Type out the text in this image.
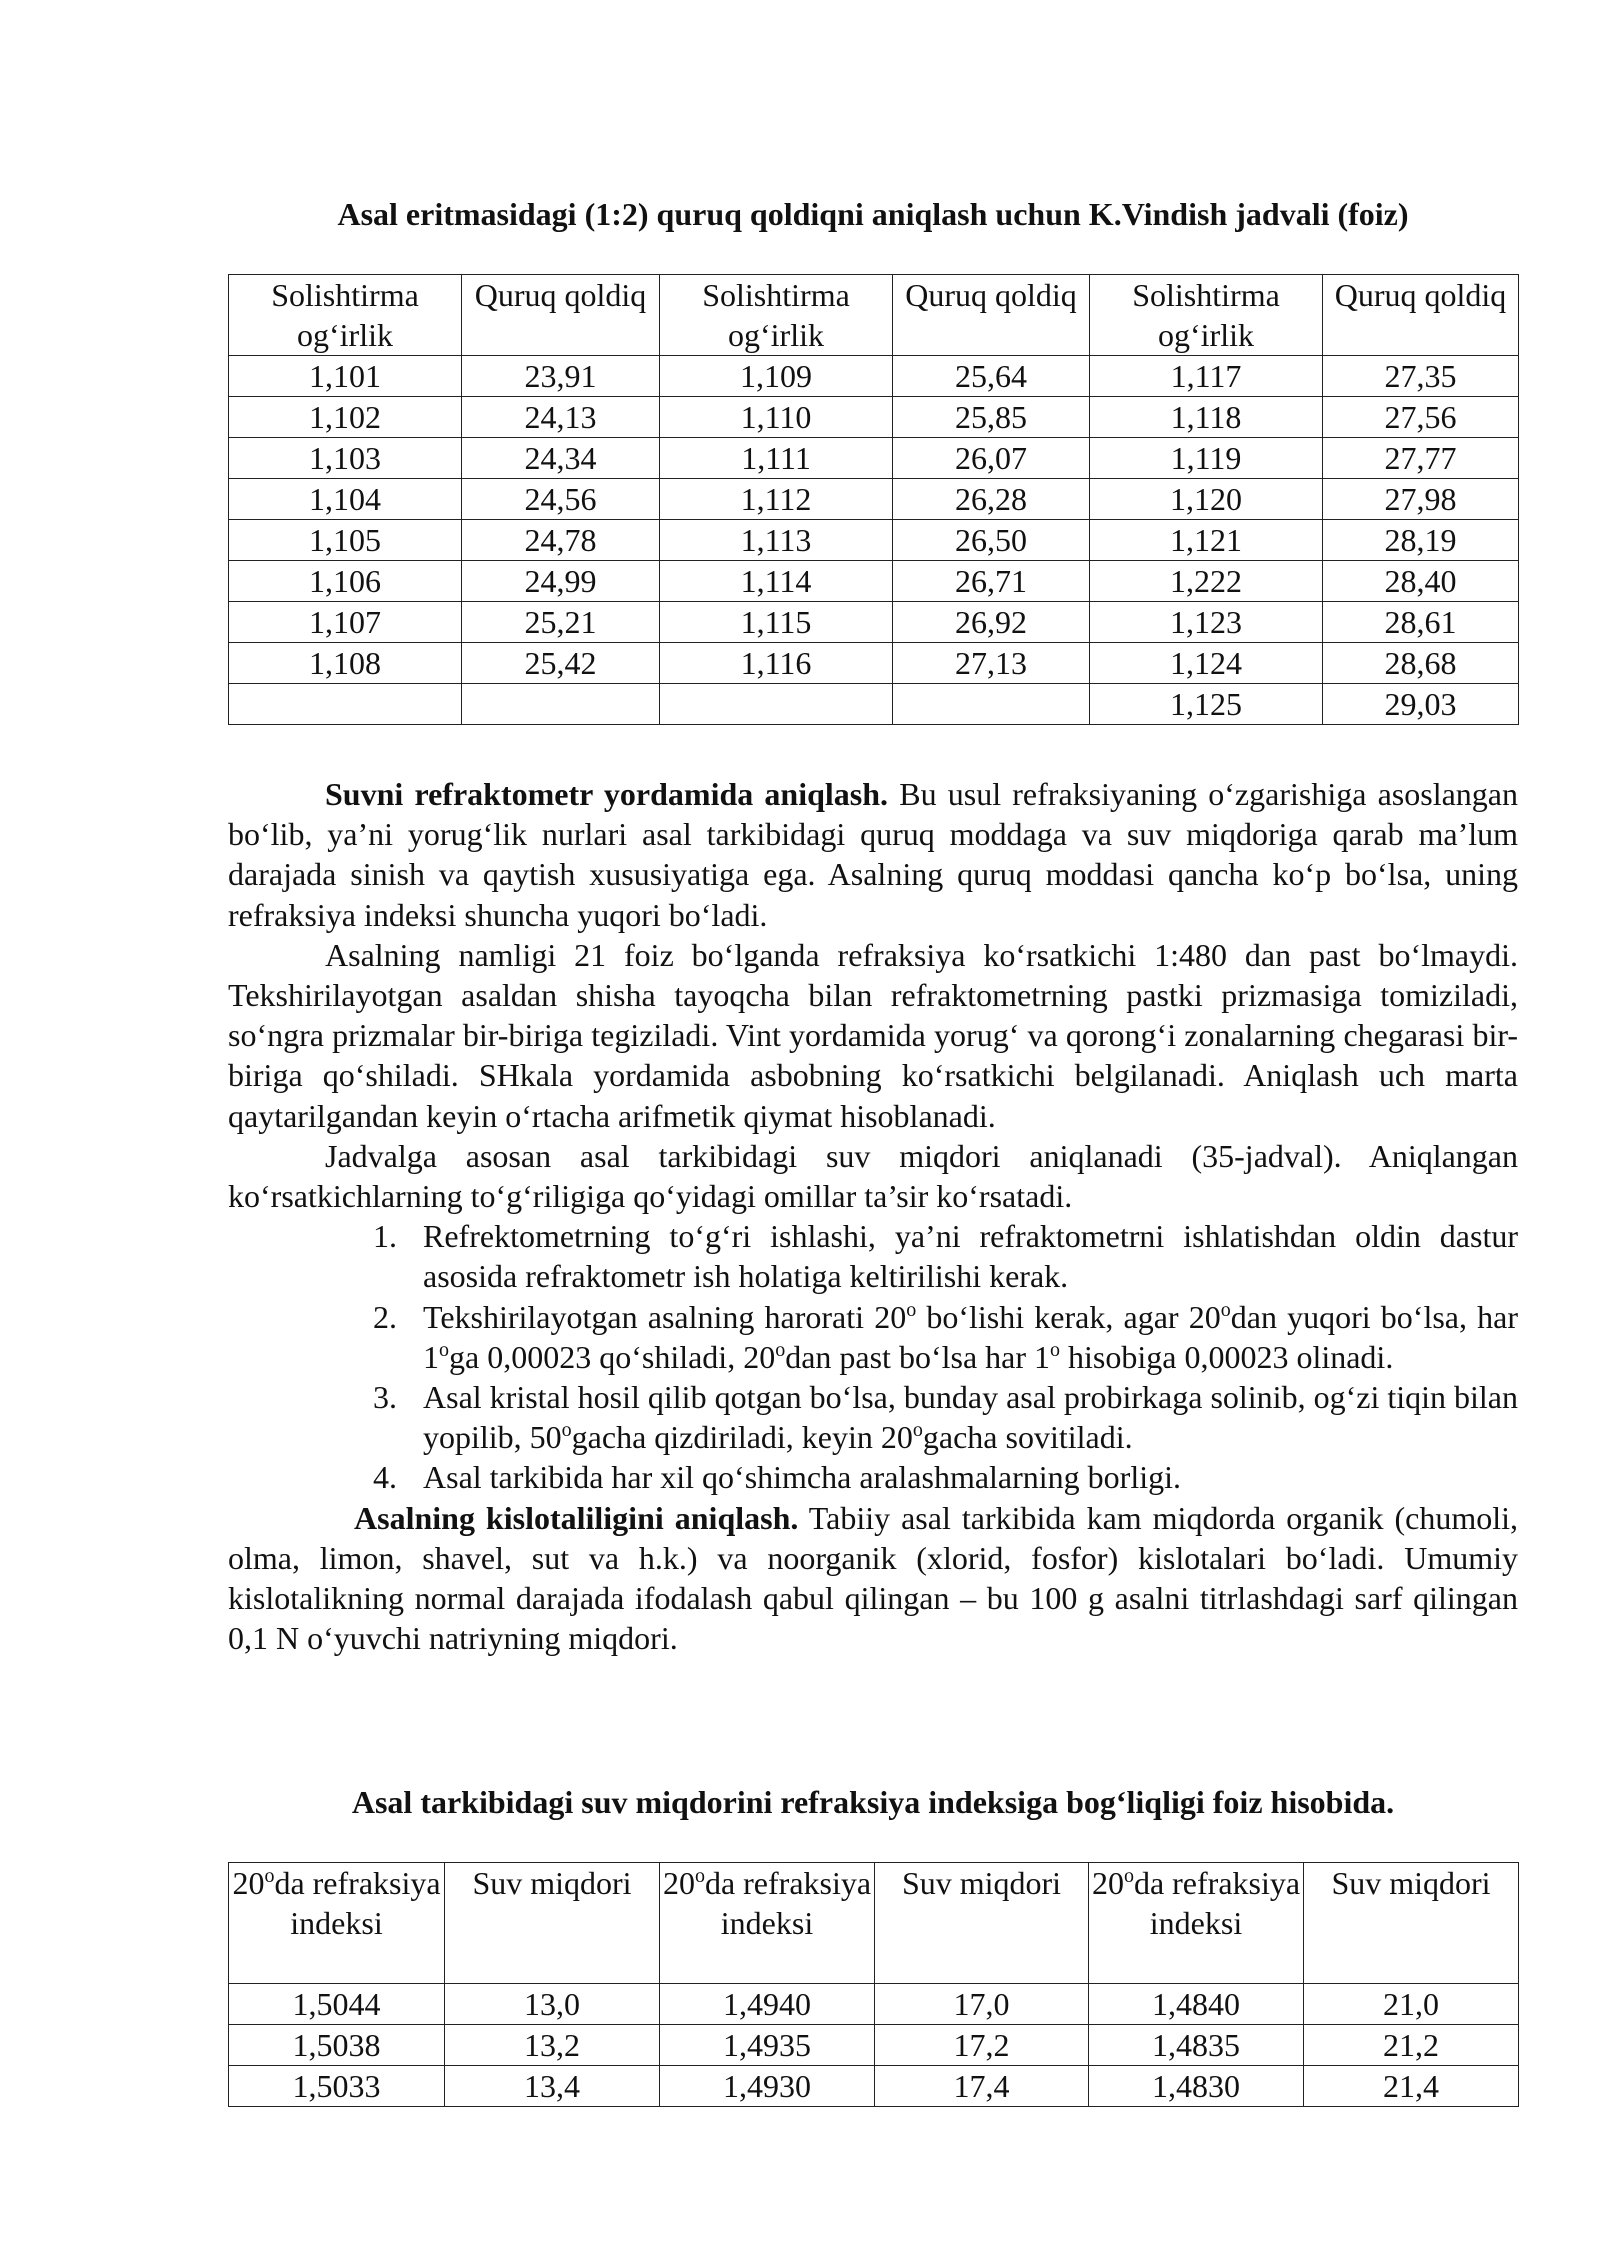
Asal eritmasidagi (1:2) quruq qoldiqni aniqlash uchun K.Vindish jadvali (foiz)
Solishtirma og‘irlik	Quruq qoldiq	Solishtirma og‘irlik	Quruq qoldiq	Solishtirma og‘irlik	Quruq qoldiq
1,101	23,91	1,109	25,64	1,117	27,35
1,102	24,13	1,110	25,85	1,118	27,56
1,103	24,34	1,111	26,07	1,119	27,77
1,104	24,56	1,112	26,28	1,120	27,98
1,105	24,78	1,113	26,50	1,121	28,19
1,106	24,99	1,114	26,71	1,222	28,40
1,107	25,21	1,115	26,92	1,123	28,61
1,108	25,42	1,116	27,13	1,124	28,68
				1,125	29,03

Suvni refraktometr yordamida aniqlash. Bu usul refraksiyaning o‘zgarishiga asoslangan bo‘lib, ya’ni yorug‘lik nurlari asal tarkibidagi quruq moddaga va suv miqdoriga qarab ma’lum darajada sinish va qaytish xususiyatiga ega. Asalning quruq moddasi qancha ko‘p bo‘lsa, uning refraksiya indeksi shuncha yuqori bo‘ladi.

Asalning namligi 21 foiz bo‘lganda refraksiya ko‘rsatkichi 1:480 dan past bo‘lmaydi. Tekshirilayotgan asaldan shisha tayoqcha bilan refraktometrning pastki prizmasiga tomiziladi, so‘ngra prizmalar bir-biriga tegiziladi. Vint yordamida yorug‘ va qorong‘i zonalarning chegarasi bir-biriga qo‘shiladi. SHkala yordamida asbobning ko‘rsatkichi belgilanadi. Aniqlash uch marta qaytarilgandan keyin o‘rtacha arifmetik qiymat hisoblanadi.

Jadvalga asosan asal tarkibidagi suv miqdori aniqlanadi (35-jadval). Aniqlangan ko‘rsatkichlarning to‘g‘riligiga qo‘yidagi omillar ta’sir ko‘rsatadi.

1. Refrektometrning to‘g‘ri ishlashi, ya’ni refraktometrni ishlatishdan oldin dastur asosida refraktometr ish holatiga keltirilishi kerak.
2. Tekshirilayotgan asalning harorati 20$^o$ bo‘lishi kerak, agar 20$^o$dan yuqori bo‘lsa, har 1$^o$ga 0,00023 qo‘shiladi, 20$^o$dan past bo‘lsa har 1$^o$ hisobiga 0,00023 olinadi.
3. Asal kristal hosil qilib qotgan bo‘lsa, bunday asal probirkaga solinib, og‘zi tiqin bilan yopilib, 50$^o$gacha qizdiriladi, keyin 20$^o$gacha sovitiladi.
4. Asal tarkibida har xil qo‘shimcha aralashmalarning borligi.

Asalning kislotaliligini aniqlash. Tabiiy asal tarkibida kam miqdorda organik (chumoli, olma, limon, shavel, sut va h.k.) va noorganik (xlorid, fosfor) kislotalari bo‘ladi. Umumiy kislotalikning normal darajada ifodalash qabul qilingan – bu 100 g asalni titrlashdagi sarf qilingan 0,1 N o‘yuvchi natriyning miqdori.

Asal tarkibidagi suv miqdorini refraksiya indeksiga bog‘liqligi foiz hisobida.
20$^o$da refraksiya indeksi	Suv miqdori	20$^o$da refraksiya indeksi	Suv miqdori	20$^o$da refraksiya indeksi	Suv miqdori
1,5044	13,0	1,4940	17,0	1,4840	21,0
1,5038	13,2	1,4935	17,2	1,4835	21,2
1,5033	13,4	1,4930	17,4	1,4830	21,4
